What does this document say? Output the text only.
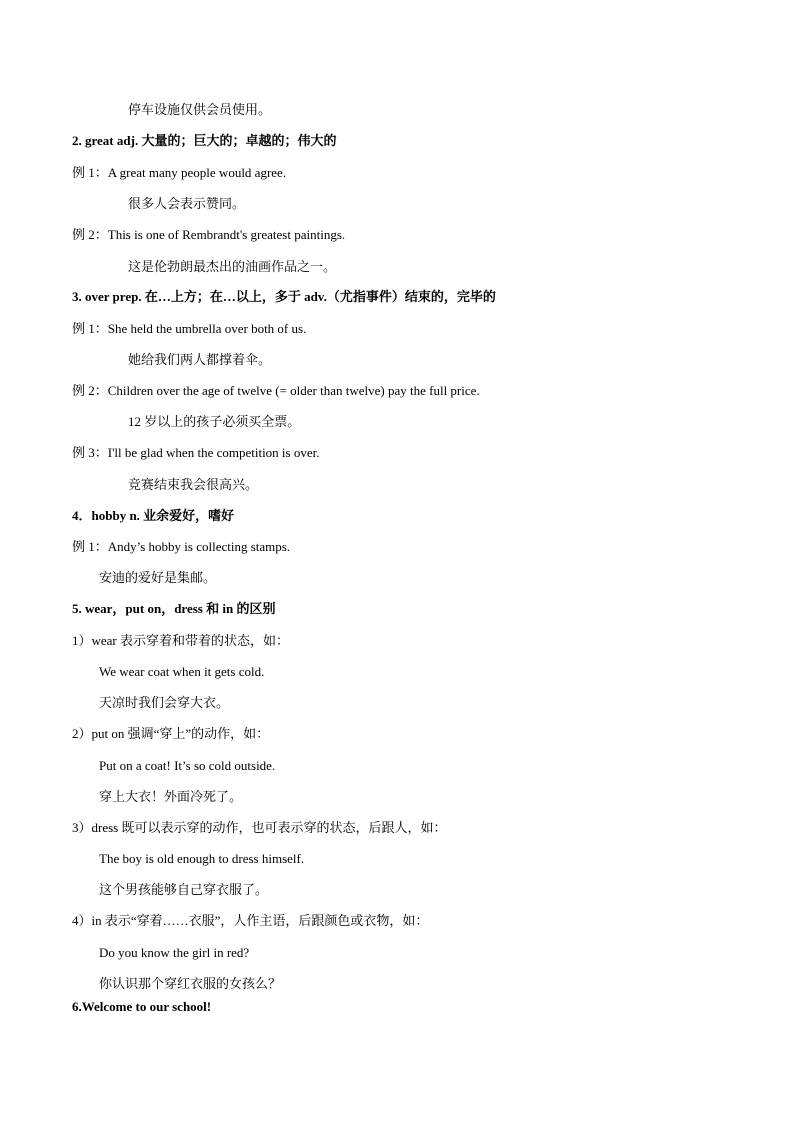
停车设施仅供会员使用。
2. great adj. 大量的；巨大的；卓越的；伟大的
例 1：A great many people would agree.
很多人会表示赞同。
例 2：This is one of Rembrandt's greatest paintings.
这是伦勃朗最杰出的油画作品之一。
3. over prep. 在…上方；在…以上，多于 adv.（尤指事件）结束的，完毕的
例 1：She held the umbrella over both of us.
她给我们两人都撑着伞。
例 2：Children over the age of twelve (= older than twelve) pay the full price.
12 岁以上的孩子必须买全票。
例 3：I'll be glad when the competition is over.
竞赛结束我会很高兴。
4．hobby n. 业余爱好，嗜好
例 1：Andy’s hobby is collecting stamps.
安迪的爱好是集邮。
5. wear，put on，dress 和 in 的区别
1）wear 表示穿着和带着的状态，如：
We wear coat when it gets cold.
天凉时我们会穿大衣。
2）put on 强调“穿上”的动作，如：
Put on a coat! It’s so cold outside.
穿上大衣！外面冷死了。
3）dress 既可以表示穿的动作，也可表示穿的状态，后跟人，如：
The boy is old enough to dress himself.
这个男孩能够自己穿衣服了。
4）in 表示“穿着……衣服”，人作主语，后跟颜色或衣物，如：
Do you know the girl in red?
你认识那个穿红衣服的女孩么？
6.Welcome to our school!
